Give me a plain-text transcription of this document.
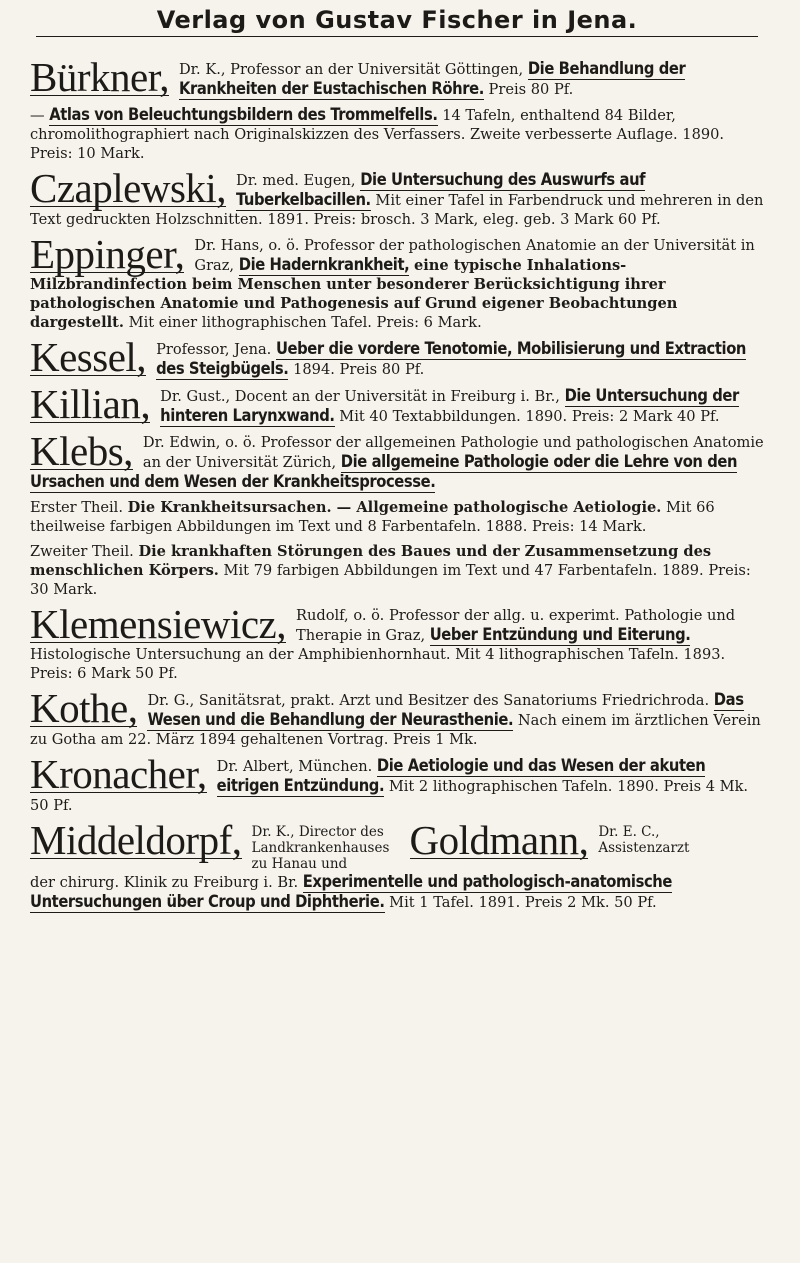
Verlag von Gustav Fischer in Jena.
Bürkner, Dr. K., Professor an der Universität Göttingen, Die Behandlung der Krankheiten der Eustachischen Röhre. Preis 80 Pf.
— Atlas von Beleuchtungsbildern des Trommelfells. 14 Tafeln, enthaltend 84 Bilder, chromolithographiert nach Originalskizzen des Verfassers. Zweite verbesserte Auflage. 1890. Preis: 10 Mark.
Czaplewski, Dr. med. Eugen, Die Untersuchung des Auswurfs auf Tuberkelbacillen. Mit einer Tafel in Farbendruck und mehreren in den Text gedruckten Holzschnitten. 1891. Preis: brosch. 3 Mark, eleg. geb. 3 Mark 60 Pf.
Eppinger, Dr. Hans, o. ö. Professor der pathologischen Anatomie an der Universität in Graz, Die Hadernkrankheit, eine typische Inhalations-Milzbrandinfection beim Menschen unter besonderer Berücksichtigung ihrer pathologischen Anatomie und Pathogenesis auf Grund eigener Beobachtungen dargestellt. Mit einer lithographischen Tafel. Preis: 6 Mark.
Kessel, Professor, Jena. Ueber die vordere Tenotomie, Mobilisierung und Extraction des Steigbügels. 1894. Preis 80 Pf.
Killian, Dr. Gust., Docent an der Universität in Freiburg i. Br., Die Untersuchung der hinteren Larynxwand. Mit 40 Textabbildungen. 1890. Preis: 2 Mark 40 Pf.
Klebs, Dr. Edwin, o. ö. Professor der allgemeinen Pathologie und pathologischen Anatomie an der Universität Zürich, Die allgemeine Pathologie oder die Lehre von den Ursachen und dem Wesen der Krankheitsprocesse.
Erster Theil. Die Krankheitsursachen. — Allgemeine pathologische Aetiologie. Mit 66 theilweise farbigen Abbildungen im Text und 8 Farbentafeln. 1888. Preis: 14 Mark.
Zweiter Theil. Die krankhaften Störungen des Baues und der Zusammensetzung des menschlichen Körpers. Mit 79 farbigen Abbildungen im Text und 47 Farbentafeln. 1889. Preis: 30 Mark.
Klemensiewicz, Rudolf, o. ö. Professor der allg. u. experimt. Pathologie und Therapie in Graz, Ueber Entzündung und Eiterung. Histologische Untersuchung an der Amphibienhornhaut. Mit 4 lithographischen Tafeln. 1893. Preis: 6 Mark 50 Pf.
Kothe, Dr. G., Sanitätsrat, prakt. Arzt und Besitzer des Sanatoriums Friedrichroda. Das Wesen und die Behandlung der Neurasthenie. Nach einem im ärztlichen Verein zu Gotha am 22. März 1894 gehaltenen Vortrag. Preis 1 Mk.
Kronacher, Dr. Albert, München. Die Aetiologie und das Wesen der akuten eitrigen Entzündung. Mit 2 lithographischen Tafeln. 1890. Preis 4 Mk. 50 Pf.
Middeldorpf, Dr. K., Director des Landkrankenhauses zu Hanau und
Goldmann, Dr. E. C., Assistenzarzt
der chirurg. Klinik zu Freiburg i. Br. Experimentelle und pathologisch-anatomische Untersuchungen über Croup und Diphtherie. Mit 1 Tafel. 1891. Preis 2 Mk. 50 Pf.
